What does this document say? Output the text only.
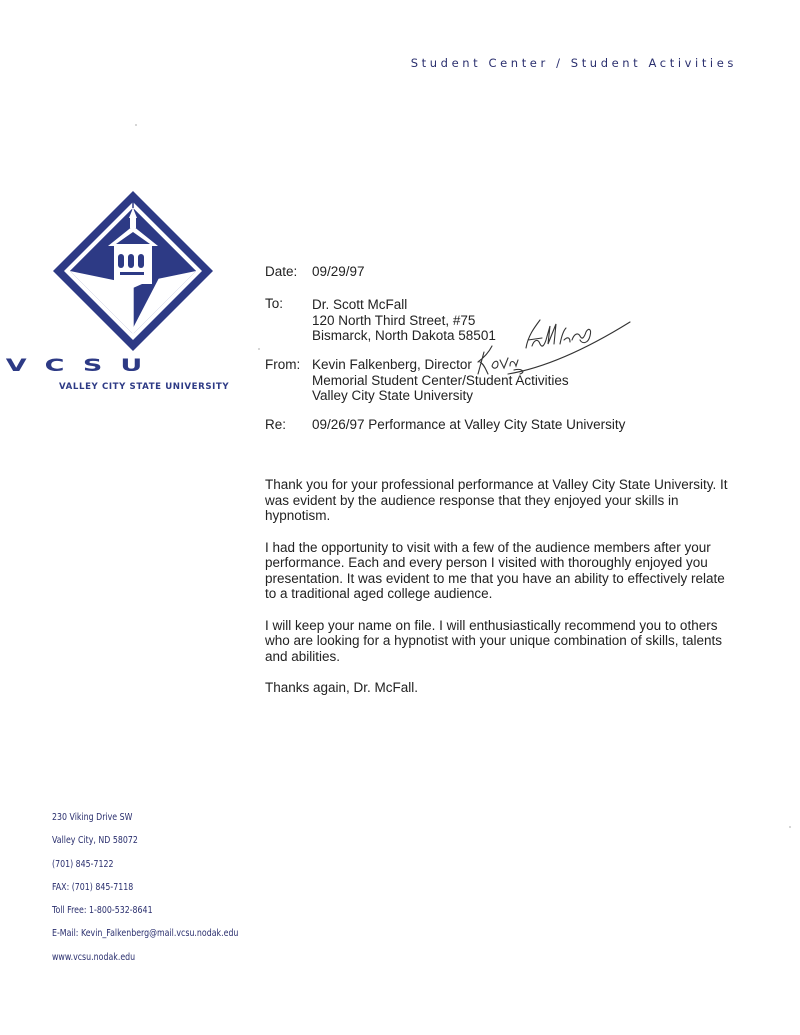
Student Center / Student Activities
VCSU
VALLEY CITY STATE UNIVERSITY
Date: 09/29/97
To: Dr. Scott McFall
120 North Third Street, #75
Bismarck, North Dakota 58501
From: Kevin Falkenberg, Director
Memorial Student Center/Student Activities
Valley City State University
Re: 09/26/97 Performance at Valley City State University

Thank you for your professional performance at Valley City State University. It was evident by the audience response that they enjoyed your skills in hypnotism.

I had the opportunity to visit with a few of the audience members after your performance. Each and every person I visited with thoroughly enjoyed you presentation. It was evident to me that you have an ability to effectively relate to a traditional aged college audience.

I will keep your name on file. I will enthusiastically recommend you to others who are looking for a hypnotist with your unique combination of skills, talents and abilities.

Thanks again, Dr. McFall.

230 Viking Drive SW
Valley City, ND 58072
(701) 845-7122
FAX: (701) 845-7118
Toll Free: 1-800-532-8641
E-Mail: Kevin_Falkenberg@mail.vcsu.nodak.edu
www.vcsu.nodak.edu
